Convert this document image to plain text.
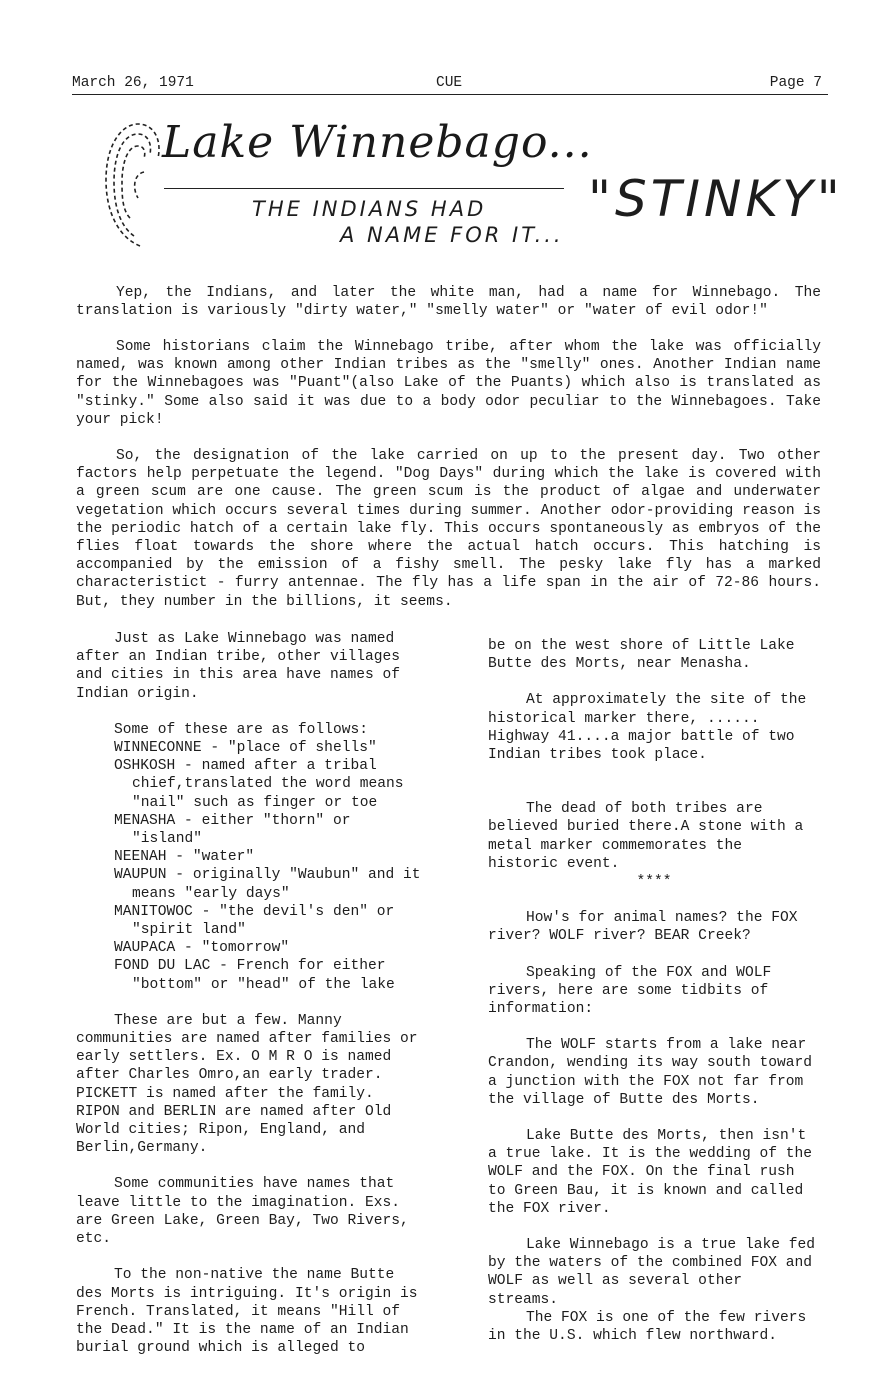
March 26, 1971	CUE	Page 7
Lake Winnebago...
THE INDIANS HAD
A NAME FOR IT...
"STINKY"

Yep, the Indians, and later the white man, had a name for Winnebago. The translation is variously "dirty water," "smelly water" or "water of evil odor!"

Some historians claim the Winnebago tribe, after whom the lake was officially named, was known among other Indian tribes as the "smelly" ones. Another Indian name for the Winnebagoes was "Puant"(also Lake of the Puants) which also is translated as "stinky." Some also said it was due to a body odor peculiar to the Winnebagoes. Take your pick!

So, the designation of the lake carried on up to the present day. Two other factors help perpetuate the legend. "Dog Days" during which the lake is covered with a green scum are one cause. The green scum is the product of algae and underwater vegetation which occurs several times during summer. Another odor-providing reason is the periodic hatch of a certain lake fly. This occurs spontaneously as embryos of the flies float towards the shore where the actual hatch occurs. This hatching is accompanied by the emission of a fishy smell. The pesky lake fly has a marked characteristict - furry antennae. The fly has a life span in the air of 72-86 hours. But, they number in the billions, it seems.

Just as Lake Winnebago was named after an Indian tribe, other villages and cities in this area have names of Indian origin.

Some of these are as follows:

WINNECONNE - "place of shells"

OSHKOSH - named after a tribal chief,translated the word means "nail" such as finger or toe

MENASHA - either "thorn" or "island"

NEENAH - "water"

WAUPUN - originally "Waubun" and it means "early days"

MANITOWOC - "the devil's den" or "spirit land"

WAUPACA - "tomorrow"

FOND DU LAC - French for either "bottom" or "head" of the lake

These are but a few. Manny communities are named after families or early settlers. Ex. O M R O is named after Charles Omro,an early trader. PICKETT is named after the family. RIPON and BERLIN are named after Old World cities; Ripon, England, and Berlin,Germany.

Some communities have names that leave little to the imagination. Exs. are Green Lake, Green Bay, Two Rivers, etc.

To the non-native the name Butte des Morts is intriguing. It's origin is French. Translated, it means "Hill of the Dead." It is the name of an Indian burial ground which is alleged to

be on the west shore of Little Lake Butte des Morts, near Menasha.

At approximately the site of the historical marker there, ...... Highway 41....a major battle of two Indian tribes took place.

The dead of both tribes are believed buried there.A stone with a metal marker commemorates the historic event.

****

How's for animal names? the FOX river? WOLF river? BEAR Creek?

Speaking of the FOX and WOLF rivers, here are some tidbits of information:

The WOLF starts from a lake near Crandon, wending its way south toward a junction with the FOX not far from the village of Butte des Morts.

Lake Butte des Morts, then isn't a true lake. It is the wedding of the WOLF and the FOX. On the final rush to Green Bau, it is known and called the FOX river.

Lake Winnebago is a true lake fed by the waters of the combined FOX and WOLF as well as several other streams.

The FOX is one of the few rivers in the U.S. which flew northward.
